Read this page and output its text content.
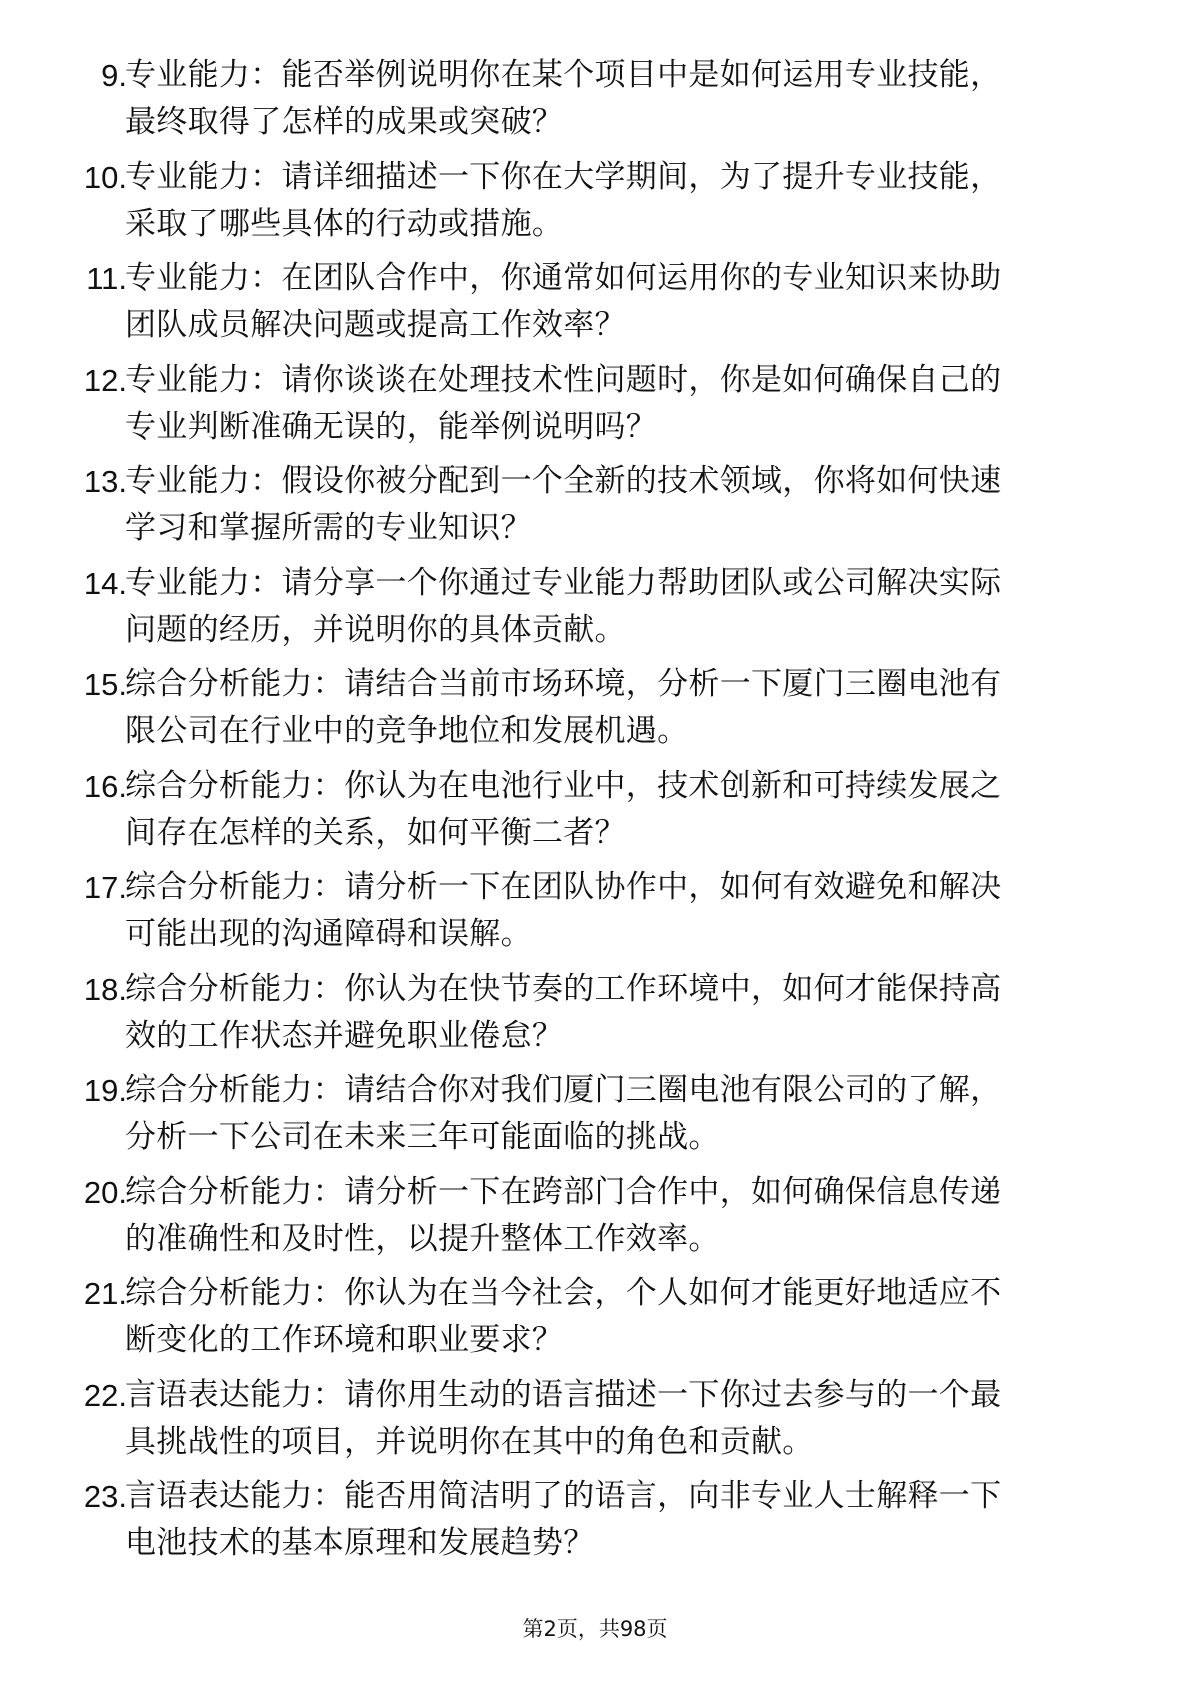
9.
专业能力：能否举例说明你在某个项目中是如何运用专业技能，
最终取得了怎样的成果或突破？
10.
专业能力：请详细描述一下你在大学期间，为了提升专业技能，
采取了哪些具体的行动或措施。
11.
专业能力：在团队合作中，你通常如何运用你的专业知识来协助
团队成员解决问题或提高工作效率？
12.
专业能力：请你谈谈在处理技术性问题时，你是如何确保自己的
专业判断准确无误的，能举例说明吗？
13.
专业能力：假设你被分配到一个全新的技术领域，你将如何快速
学习和掌握所需的专业知识？
14.
专业能力：请分享一个你通过专业能力帮助团队或公司解决实际
问题的经历，并说明你的具体贡献。
15.
综合分析能力：请结合当前市场环境，分析一下厦门三圈电池有
限公司在行业中的竞争地位和发展机遇。
16.
综合分析能力：你认为在电池行业中，技术创新和可持续发展之
间存在怎样的关系，如何平衡二者？
17.
综合分析能力：请分析一下在团队协作中，如何有效避免和解决
可能出现的沟通障碍和误解。
18.
综合分析能力：你认为在快节奏的工作环境中，如何才能保持高
效的工作状态并避免职业倦怠？
19.
综合分析能力：请结合你对我们厦门三圈电池有限公司的了解，
分析一下公司在未来三年可能面临的挑战。
20.
综合分析能力：请分析一下在跨部门合作中，如何确保信息传递
的准确性和及时性，以提升整体工作效率。
21.
综合分析能力：你认为在当今社会，个人如何才能更好地适应不
断变化的工作环境和职业要求？
22.
言语表达能力：请你用生动的语言描述一下你过去参与的一个最
具挑战性的项目，并说明你在其中的角色和贡献。
23.
言语表达能力：能否用简洁明了的语言，向非专业人士解释一下
电池技术的基本原理和发展趋势？
第2页，共98页
